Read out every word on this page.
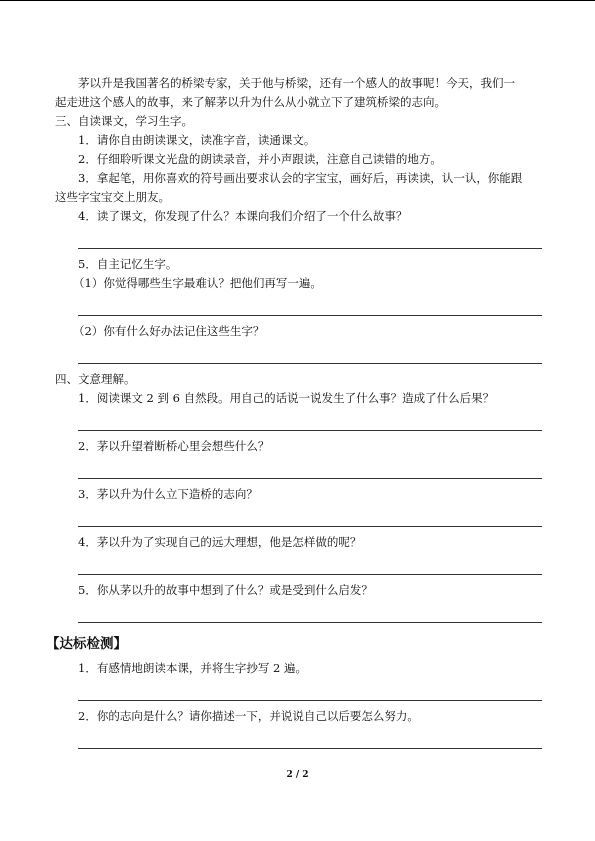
茅以升是我国著名的桥梁专家，关于他与桥梁，还有一个感人的故事呢！今天，我们一

起走进这个感人的故事，来了解茅以升为什么从小就立下了建筑桥梁的志向。

三、自读课文，学习生字。

1．请你自由朗读课文，读准字音，读通课文。

2．仔细聆听课文光盘的朗读录音，并小声跟读，注意自己读错的地方。

3．拿起笔，用你喜欢的符号画出要求认会的字宝宝，画好后，再读读，认一认，你能跟

这些字宝宝交上朋友。

4．读了课文，你发现了什么？本课向我们介绍了一个什么故事？

5．自主记忆生字。

（1）你觉得哪些生字最难认？把他们再写一遍。

（2）你有什么好办法记住这些生字？

四、文意理解。

1．阅读课文 2 到 6 自然段。用自己的话说一说发生了什么事？造成了什么后果？

2．茅以升望着断桥心里会想些什么？

3．茅以升为什么立下造桥的志向？

4．茅以升为了实现自己的远大理想，他是怎样做的呢？

5．你从茅以升的故事中想到了什么？或是受到什么启发？

【达标检测】

1．有感情地朗读本课，并将生字抄写 2 遍。

2．你的志向是什么？请你描述一下，并说说自己以后要怎么努力。

2 / 2
